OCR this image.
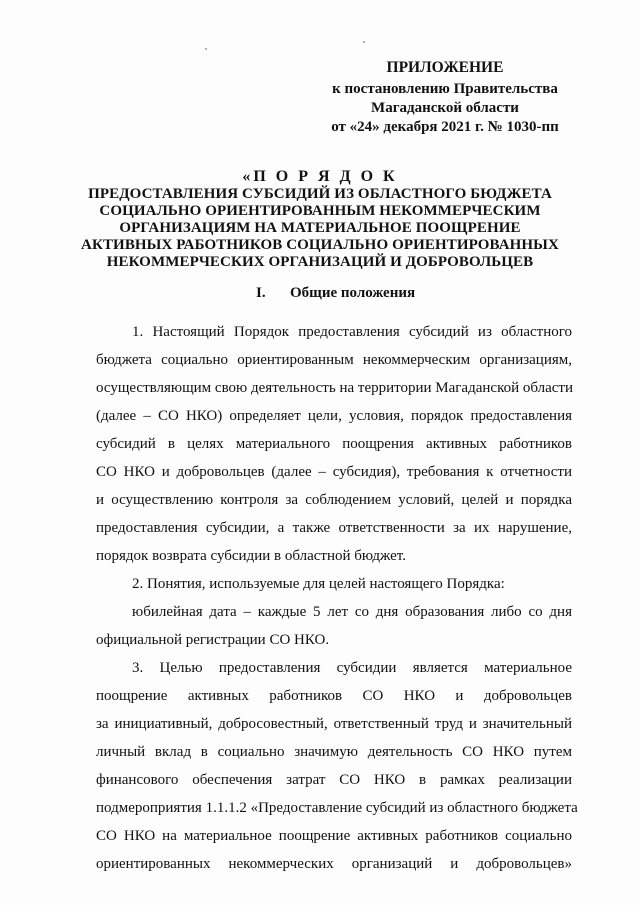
ПРИЛОЖЕНИЕ
к постановлению Правительства
Магаданской области
от «24» декабря 2021 г. № 1030-пп
«П О Р Я Д О К
ПРЕДОСТАВЛЕНИЯ СУБСИДИЙ ИЗ ОБЛАСТНОГО БЮДЖЕТА
СОЦИАЛЬНО ОРИЕНТИРОВАННЫМ НЕКОММЕРЧЕСКИМ
ОРГАНИЗАЦИЯМ НА МАТЕРИАЛЬНОЕ ПООЩРЕНИЕ
АКТИВНЫХ РАБОТНИКОВ СОЦИАЛЬНО ОРИЕНТИРОВАННЫХ
НЕКОММЕРЧЕСКИХ ОРГАНИЗАЦИЙ И ДОБРОВОЛЬЦЕВ
I. Общие положения
1. Настоящий Порядок предоставления субсидий из областного
бюджета социально ориентированным некоммерческим организациям,
осуществляющим свою деятельность на территории Магаданской области
(далее – СО НКО) определяет цели, условия, порядок предоставления
субсидий в целях материального поощрения активных работников
СО НКО и добровольцев (далее – субсидия), требования к отчетности
и осуществлению контроля за соблюдением условий, целей и порядка
предоставления субсидии, а также ответственности за их нарушение,
порядок возврата субсидии в областной бюджет.
2. Понятия, используемые для целей настоящего Порядка:
юбилейная дата – каждые 5 лет со дня образования либо со дня
официальной регистрации СО НКО.
3. Целью предоставления субсидии является материальное
поощрение активных работников СО НКО и добровольцев
за инициативный, добросовестный, ответственный труд и значительный
личный вклад в социально значимую деятельность СО НКО путем
финансового обеспечения затрат СО НКО в рамках реализации
подмероприятия 1.1.1.2 «Предоставление субсидий из областного бюджета
СО НКО на материальное поощрение активных работников социально
ориентированных некоммерческих организаций и добровольцев»
